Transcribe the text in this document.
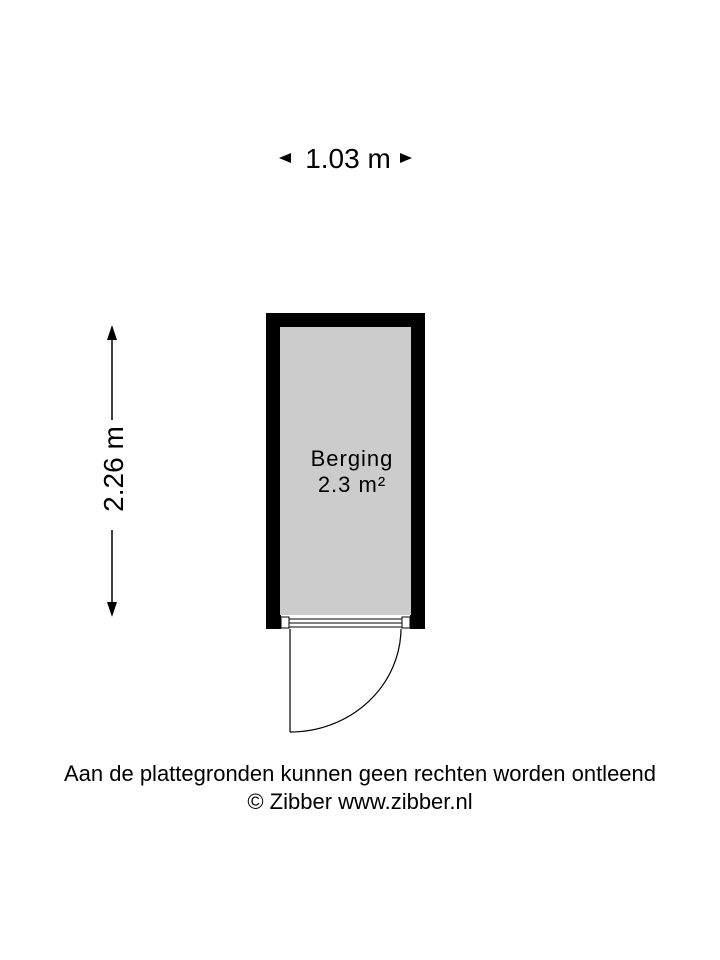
1.03 m
2.26 m	Berging
2.3 m²
Aan de plattegronden kunnen geen rechten worden ontleend
© Zibber www.zibber.nl
